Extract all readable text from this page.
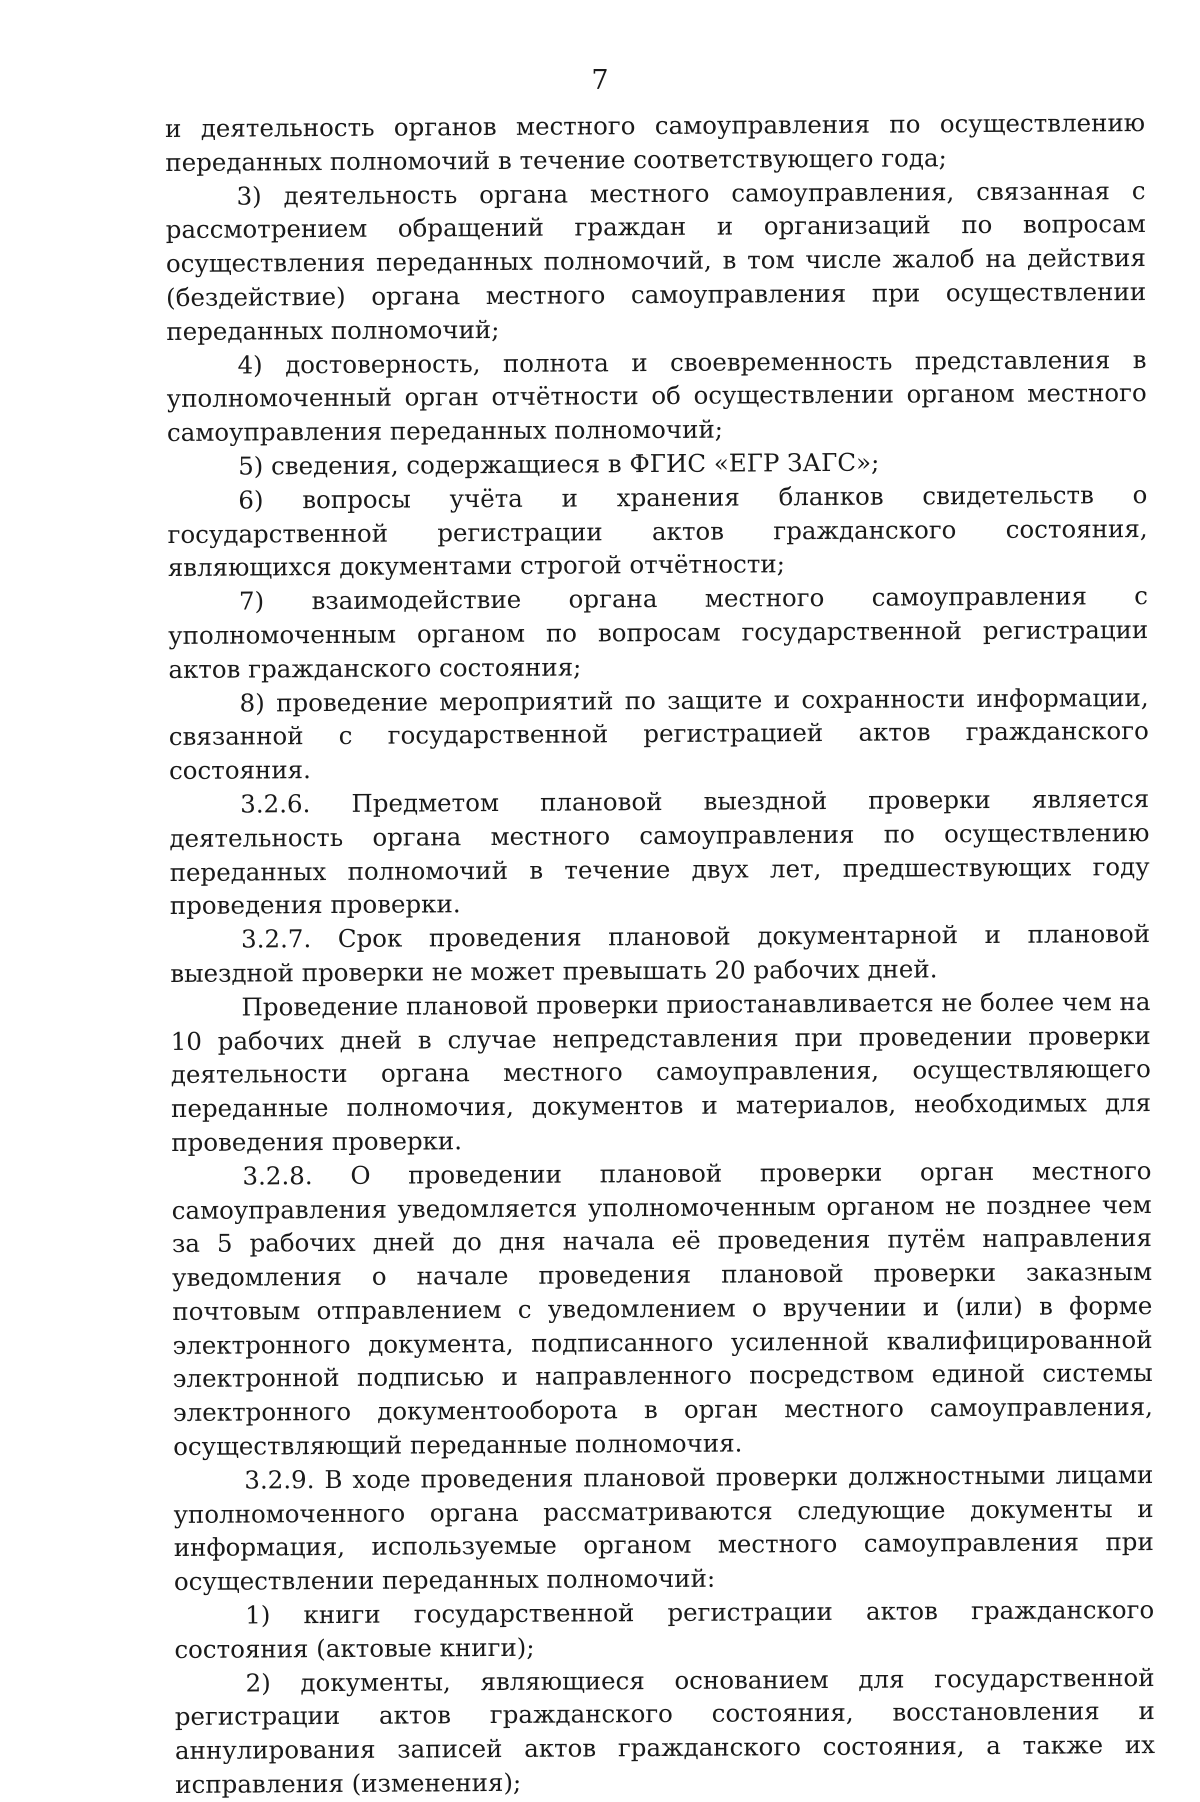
7

и деятельность органов местного самоуправления по осуществлению переданных полномочий в течение соответствующего года;

3) деятельность органа местного самоуправления, связанная с рассмотрением обращений граждан и организаций по вопросам осуществления переданных полномочий, в том числе жалоб на действия (бездействие) органа местного самоуправления при осуществлении переданных полномочий;

4) достоверность, полнота и своевременность представления в уполномоченный орган отчётности об осуществлении органом местного самоуправления переданных полномочий;

5) сведения, содержащиеся в ФГИС «ЕГР ЗАГС»;

6) вопросы учёта и хранения бланков свидетельств о государственной регистрации актов гражданского состояния, являющихся документами строгой отчётности;

7) взаимодействие органа местного самоуправления с уполномоченным органом по вопросам государственной регистрации актов гражданского состояния;

8) проведение мероприятий по защите и сохранности информации, связанной с государственной регистрацией актов гражданского состояния.

3.2.6. Предметом плановой выездной проверки является деятельность органа местного самоуправления по осуществлению переданных полномочий в течение двух лет, предшествующих году проведения проверки.

3.2.7. Срок проведения плановой документарной и плановой выездной проверки не может превышать 20 рабочих дней.

Проведение плановой проверки приостанавливается не более чем на 10 рабочих дней в случае непредставления при проведении проверки деятельности органа местного самоуправления, осуществляющего переданные полномочия, документов и материалов, необходимых для проведения проверки.

3.2.8. О проведении плановой проверки орган местного самоуправления уведомляется уполномоченным органом не позднее чем за 5 рабочих дней до дня начала её проведения путём направления уведомления о начале проведения плановой проверки заказным почтовым отправлением с уведомлением о вручении и (или) в форме электронного документа, подписанного усиленной квалифицированной электронной подписью и направленного посредством единой системы электронного документооборота в орган местного самоуправления, осуществляющий переданные полномочия.

3.2.9. В ходе проведения плановой проверки должностными лицами уполномоченного органа рассматриваются следующие документы и информация, используемые органом местного самоуправления при осуществлении переданных полномочий:

1) книги государственной регистрации актов гражданского состояния (актовые книги);

2) документы, являющиеся основанием для государственной регистрации актов гражданского состояния, восстановления и аннулирования записей актов гражданского состояния, а также их исправления (изменения);
